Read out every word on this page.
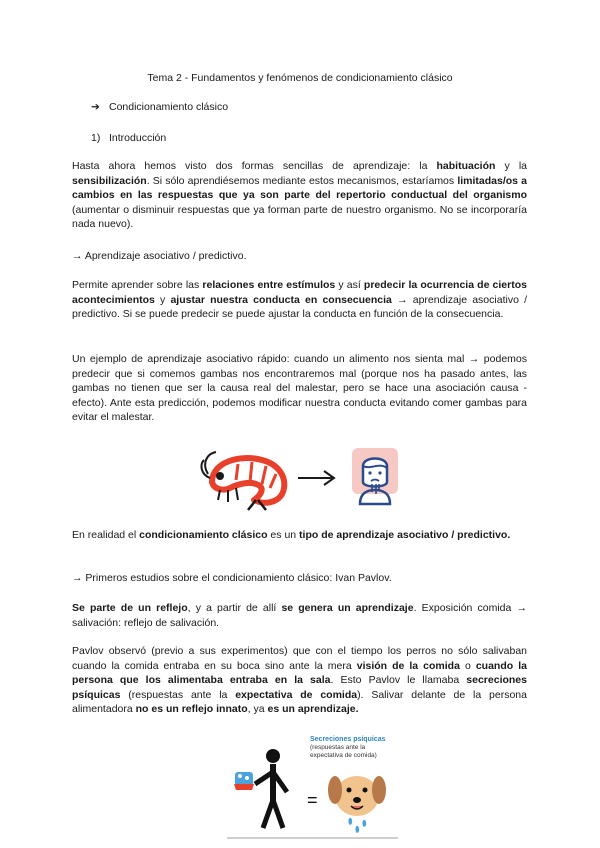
Tema 2 - Fundamentos y fenómenos de condicionamiento clásico
➔ Condicionamiento clásico
1) Introducción

Hasta ahora hemos visto dos formas sencillas de aprendizaje: la habituación y la sensibilización. Si sólo aprendiésemos mediante estos mecanismos, estaríamos limitadas/os a cambios en las respuestas que ya son parte del repertorio conductual del organismo (aumentar o disminuir respuestas que ya forman parte de nuestro organismo. No se incorporaría nada nuevo).

→ Aprendizaje asociativo / predictivo.

Permite aprender sobre las relaciones entre estímulos y así predecir la ocurrencia de ciertos acontecimientos y ajustar nuestra conducta en consecuencia → aprendizaje asociativo / predictivo. Si se puede predecir se puede ajustar la conducta en función de la consecuencia.

Un ejemplo de aprendizaje asociativo rápido: cuando un alimento nos sienta mal → podemos predecir que si comemos gambas nos encontraremos mal (porque nos ha pasado antes, las gambas no tienen que ser la causa real del malestar, pero se hace una asociación causa - efecto). Ante esta predicción, podemos modificar nuestra conducta evitando comer gambas para evitar el malestar.

En realidad el condicionamiento clásico es un tipo de aprendizaje asociativo / predictivo.

→ Primeros estudios sobre el condicionamiento clásico: Ivan Pavlov.

Se parte de un reflejo, y a partir de allí se genera un aprendizaje. Exposición comida → salivación: reflejo de salivación.

Pavlov observó (previo a sus experimentos) que con el tiempo los perros no sólo salivaban cuando la comida entraba en su boca sino ante la mera visión de la comida o cuando la persona que los alimentaba entraba en la sala. Esto Pavlov le llamaba secreciones psíquicas (respuestas ante la expectativa de comida). Salivar delante de la persona alimentadora no es un reflejo innato, ya es un aprendizaje.

Secreciones psíquicas
(respuestas ante la expectativa de comida)
=
